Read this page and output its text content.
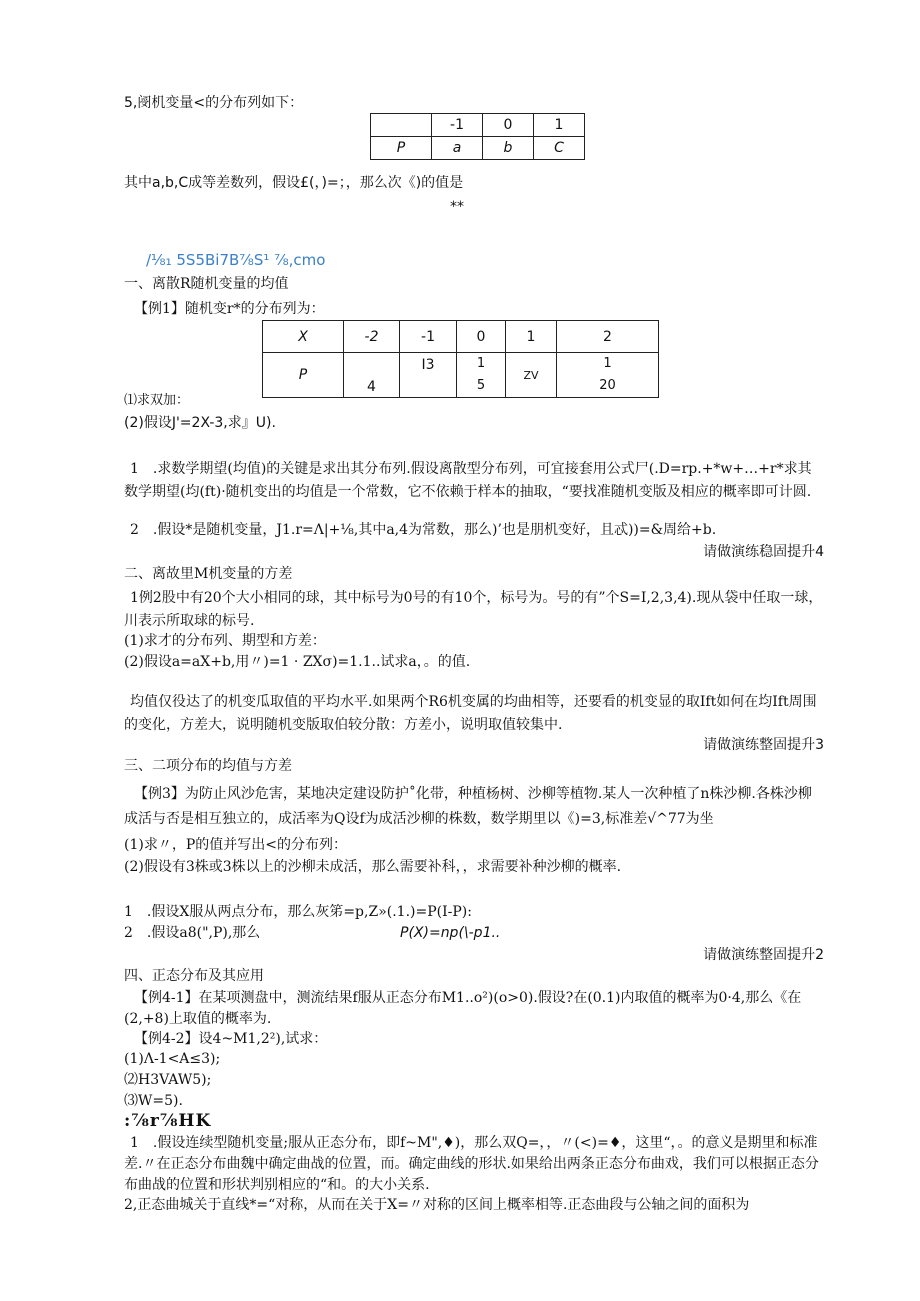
5,阌机变量<的分布列如下：
	-1	0	1
P	a	b	C
其中a,b,C成等差数列，假设£(，)=；，那么次《)的值是
**
/⅛₁ 5S5Bi7B⅞S¹ ⅞,cmo
一、离散R随机变量的均值
【例1】随机变r*的分布列为：
X	-2	-1	0	1	2
P	4	I3	1 5	ZV	1 20
⑴求双加：
(2)假设J'=2X-3,求』U).
1　.求数学期望(均值)的关键是求出其分布列.假设离散型分布列，可宜接套用公式尸(.D=rp.+*w+…+r*求其数学期望(均(ft)·随机变出的均值是一个常数，它不依赖于样本的抽取，“要找准随机变版及相应的概率即可计圆.
2　.假设*是随机变量，J1.r=Λ|+⅛,其中a,4为常数，那么)’也是朋机变好，且忒))=&周给+b.
请做演练稳固提升4
二、离故里M机变量的方差
1例2股中有20个大小相同的球，其中标号为0号的有10个，标号为。号的有”个S=I,2,3,4).现从袋中任取一球，川表示所取球的标号.
(1)求才的分布列、期型和方差：
(2)假设a=aX+b,用〃)=1 · ZXσ)=1.1..试求a，。的值.
均值仅役达了的机变瓜取值的平均水平.如果两个R6机变属的均曲相等，还要看的机变显的取Ift如何在均Ift周围的变化，方差大，说明随机变版取伯较分散：方差小，说明取值较集中.
请做演练整固提升3
三、二项分布的均值与方差
【例3】为防止风沙危害，某地决定建设防护˚化带，种植杨树、沙柳等植物.某人一次种植了n株沙柳.各株沙柳成活与否是相互独立的，成活率为Q设f为成活沙柳的株数，数学期里以《)=3,标准差√^77为坐
(1)求〃，P的值并写出<的分布列：
(2)假设有3株或3株以上的沙柳未成活，那么需要补科，，求需要补种沙柳的概率.
1　.假设X服从两点分布，那么灰笫=p,Z»(.1.)=P(I-P):
2　.假设a8(",P),那么	P(X)=np(\-p1..
请做演练整固提升2
四、正态分布及其应用
【例4-1】在某项测盘中，测流结果f服从正态分布M1..o²)(o>0).假设?在(0.1)内取值的概率为0·4,那么《在(2,+8)上取值的概率为.
【例4-2】设4~M1,2²),试求：
(1)Λ-1<A≤3);
⑵H3VAW5);
⑶W=5).
:⅞r⅞HK
1　.假设连续型随机变量;服从正态分布，即f~M",♦)，那么双Q=，，〃(<)=♦，这里“，。的意义是期里和标准差.〃在正态分布曲魏中确定曲战的位置，而。确定曲线的形状.如果给出两条正态分布曲戏，我们可以根据正态分布曲战的位置和形状判别相应的“和。的大小关系.
2,正态曲城关于直线*=“对称，从而在关于X=〃对称的区间上概率相等.正态曲段与公轴之间的面积为
